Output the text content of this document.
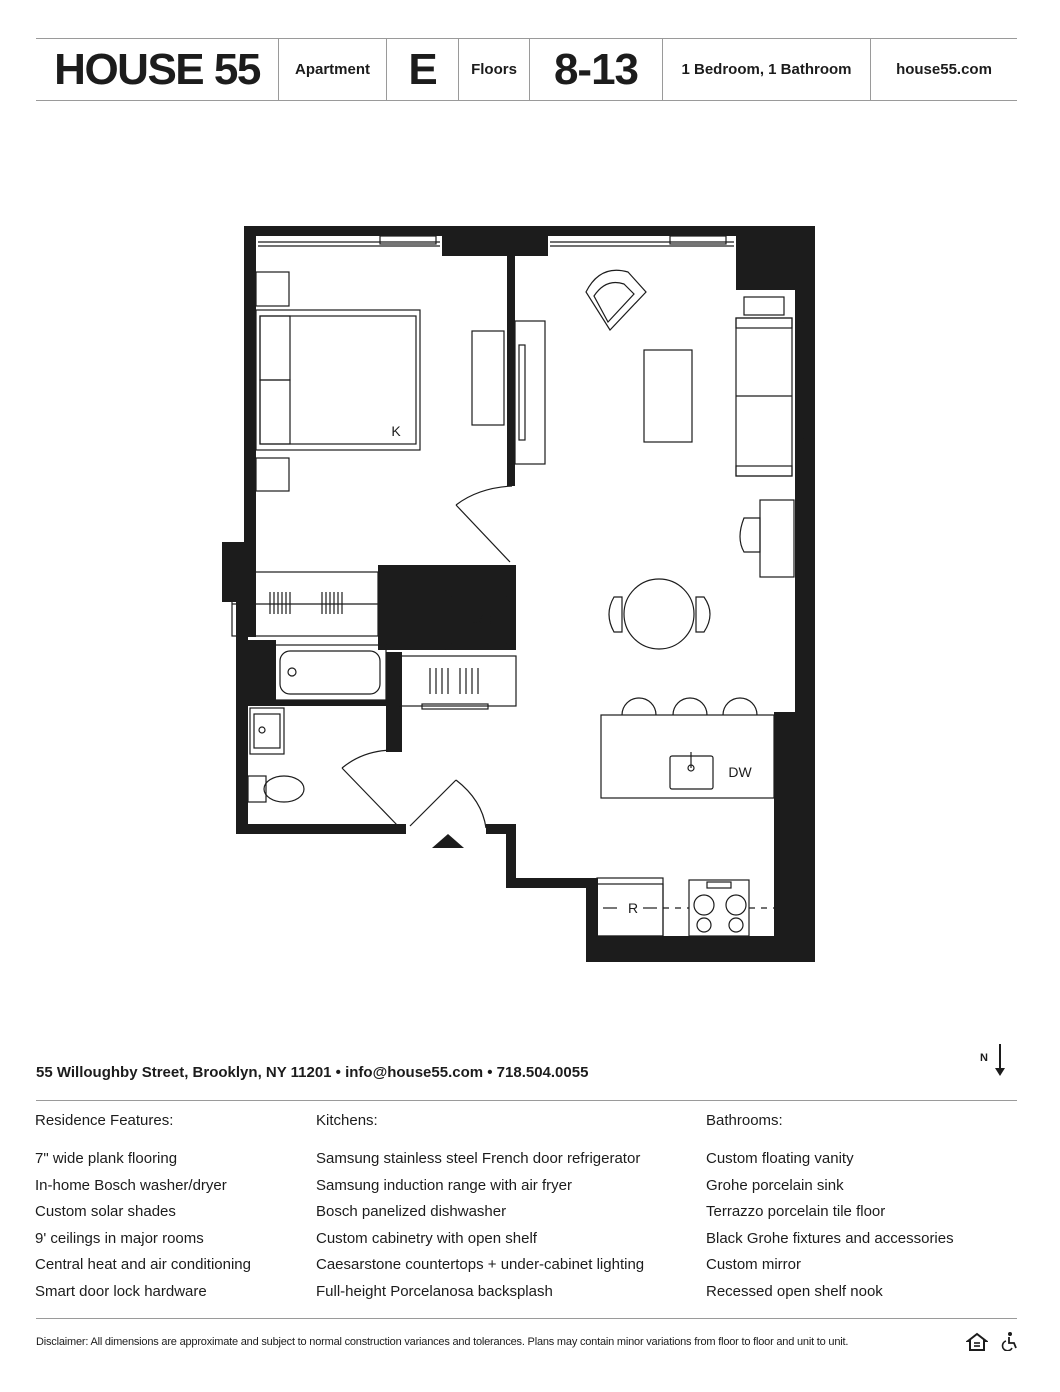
HOUSE 55	Apartment E	Floors 8-13	1 Bedroom, 1 Bathroom	house55.com
K
W/D
DW
R
N
55 Willoughby Street, Brooklyn, NY 11201 • info@house55.com • 718.504.0055
Residence Features:
7" wide plank flooring
In-home Bosch washer/dryer
Custom solar shades
9' ceilings in major rooms
Central heat and air conditioning
Smart door lock hardware
Kitchens:
Samsung stainless steel French door refrigerator
Samsung induction range with air fryer
Bosch panelized dishwasher
Custom cabinetry with open shelf
Caesarstone countertops + under-cabinet lighting
Full-height Porcelanosa backsplash
Bathrooms:
Custom floating vanity
Grohe porcelain sink
Terrazzo porcelain tile floor
Black Grohe fixtures and accessories
Custom mirror
Recessed open shelf nook
Disclaimer: All dimensions are approximate and subject to normal construction variances and tolerances. Plans may contain minor variations from floor to floor and unit to unit.
